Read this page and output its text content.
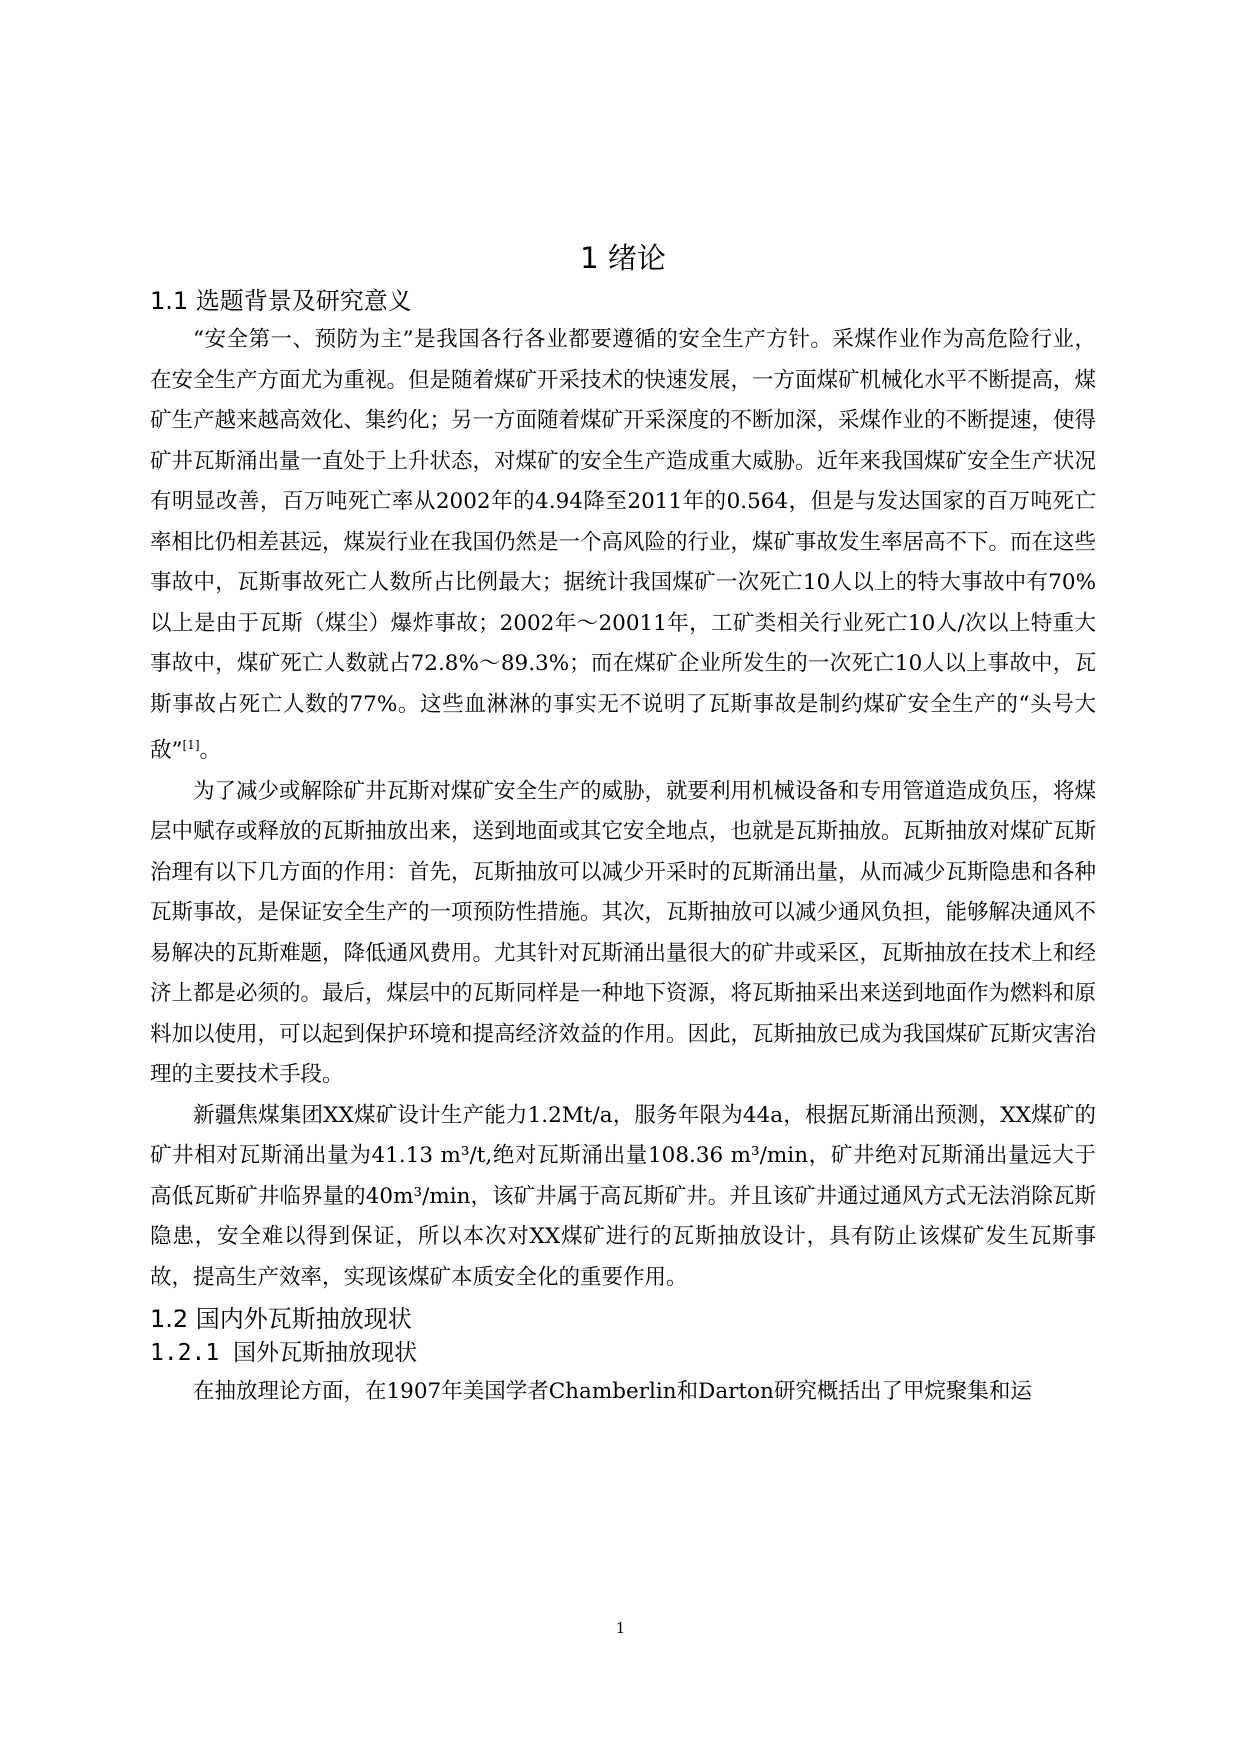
1 绪论
1.1 选题背景及研究意义

“安全第一、预防为主”是我国各行各业都要遵循的安全生产方针。采煤作业作为高危险行业，在安全生产方面尤为重视。但是随着煤矿开采技术的快速发展，一方面煤矿机械化水平不断提高，煤矿生产越来越高效化、集约化；另一方面随着煤矿开采深度的不断加深，采煤作业的不断提速，使得矿井瓦斯涌出量一直处于上升状态，对煤矿的安全生产造成重大威胁。近年来我国煤矿安全生产状况有明显改善，百万吨死亡率从2002年的4.94降至2011年的0.564，但是与发达国家的百万吨死亡率相比仍相差甚远，煤炭行业在我国仍然是一个高风险的行业，煤矿事故发生率居高不下。而在这些事故中，瓦斯事故死亡人数所占比例最大；据统计我国煤矿一次死亡10人以上的特大事故中有70%以上是由于瓦斯（煤尘）爆炸事故；2002年～20011年，工矿类相关行业死亡10人/次以上特重大事故中，煤矿死亡人数就占72.8%～89.3%；而在煤矿企业所发生的一次死亡10人以上事故中，瓦斯事故占死亡人数的77%。这些血淋淋的事实无不说明了瓦斯事故是制约煤矿安全生产的“头号大敌”[1]。

为了减少或解除矿井瓦斯对煤矿安全生产的威胁，就要利用机械设备和专用管道造成负压，将煤层中赋存或释放的瓦斯抽放出来，送到地面或其它安全地点，也就是瓦斯抽放。瓦斯抽放对煤矿瓦斯治理有以下几方面的作用：首先，瓦斯抽放可以减少开采时的瓦斯涌出量，从而减少瓦斯隐患和各种瓦斯事故，是保证安全生产的一项预防性措施。其次，瓦斯抽放可以减少通风负担，能够解决通风不易解决的瓦斯难题，降低通风费用。尤其针对瓦斯涌出量很大的矿井或采区，瓦斯抽放在技术上和经济上都是必须的。最后，煤层中的瓦斯同样是一种地下资源，将瓦斯抽采出来送到地面作为燃料和原料加以使用，可以起到保护环境和提高经济效益的作用。因此，瓦斯抽放已成为我国煤矿瓦斯灾害治理的主要技术手段。

新疆焦煤集团XX煤矿设计生产能力1.2Mt/a，服务年限为44a，根据瓦斯涌出预测，XX煤矿的矿井相对瓦斯涌出量为41.13 m³/t,绝对瓦斯涌出量108.36 m³/min，矿井绝对瓦斯涌出量远大于高低瓦斯矿井临界量的40m³/min，该矿井属于高瓦斯矿井。并且该矿井通过通风方式无法消除瓦斯隐患，安全难以得到保证，所以本次对XX煤矿进行的瓦斯抽放设计，具有防止该煤矿发生瓦斯事故，提高生产效率，实现该煤矿本质安全化的重要作用。

1.2 国内外瓦斯抽放现状
1.2.1 国外瓦斯抽放现状

在抽放理论方面，在1907年美国学者Chamberlin和Darton研究概括出了甲烷聚集和运

1
